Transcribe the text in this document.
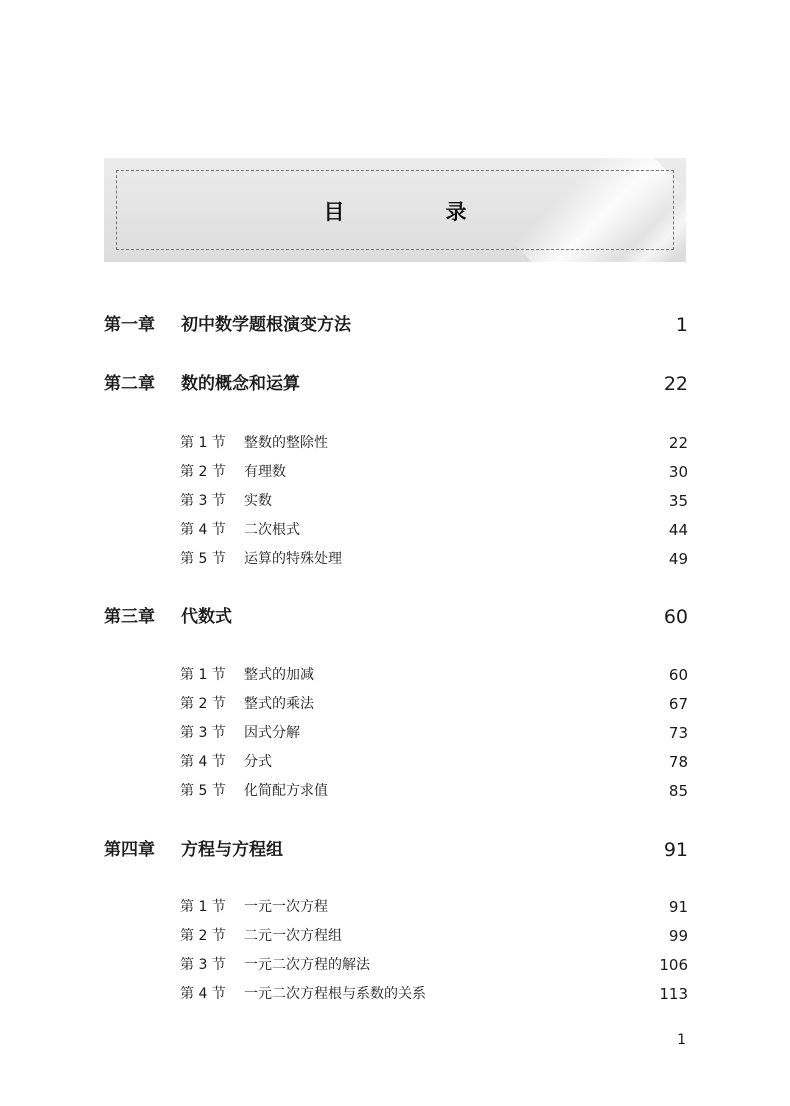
目　录
第一章 初中数学题根演变方法	1
第二章 数的概念和运算	22
第 1 节 整数的整除性	22
第 2 节 有理数	30
第 3 节 实数	35
第 4 节 二次根式	44
第 5 节 运算的特殊处理	49
第三章 代数式	60
第 1 节 整式的加减	60
第 2 节 整式的乘法	67
第 3 节 因式分解	73
第 4 节 分式	78
第 5 节 化简配方求值	85
第四章 方程与方程组	91
第 1 节 一元一次方程	91
第 2 节 二元一次方程组	99
第 3 节 一元二次方程的解法	106
第 4 节 一元二次方程根与系数的关系	113
1
